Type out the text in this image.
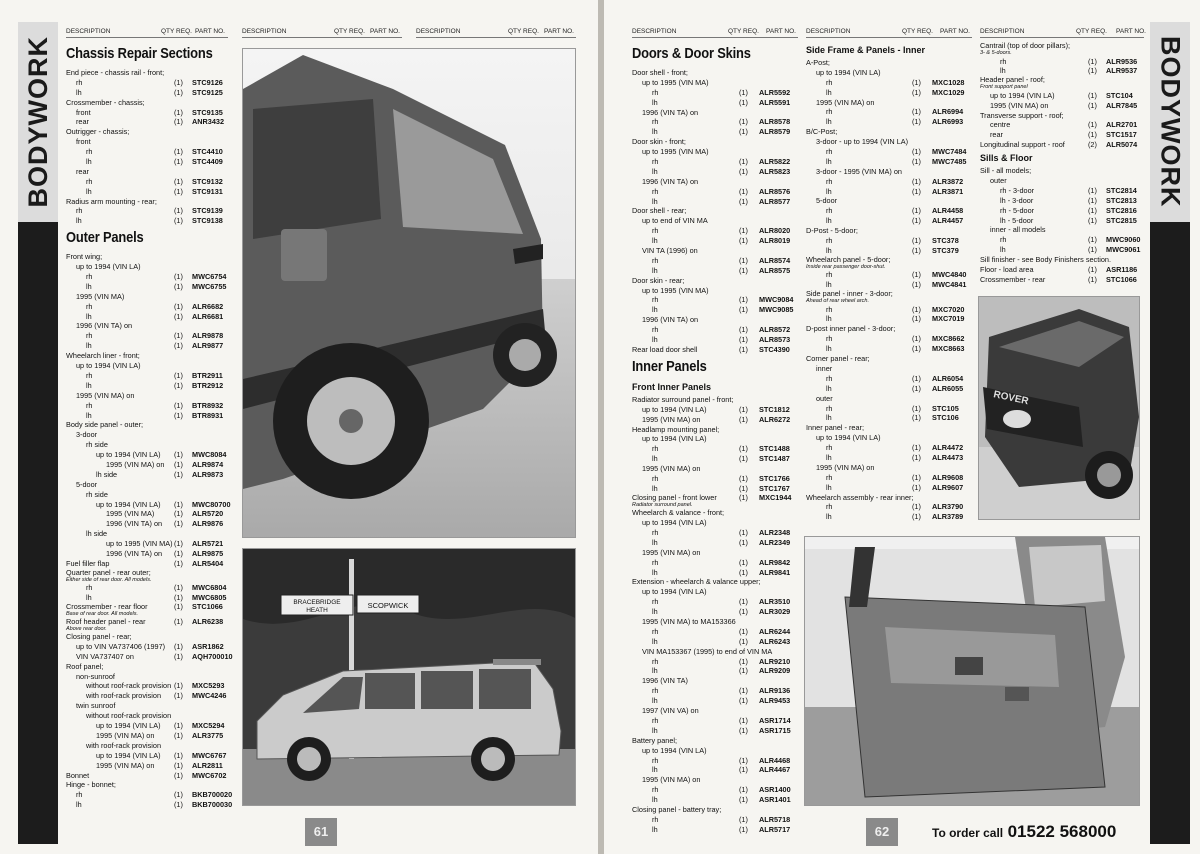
BODYWORK
DESCRIPTION	QTY REQ. PART NO.	DESCRIPTION	QTY REQ. PART NO. DESCRIPTION	QTY REQ. PART NO.
Chassis Repair Sections
End piece - chassis rail - front;
rh	(1) STC9126
lh	(1) STC9125
Crossmember - chassis;
front	(1) STC9135
rear	(1) ANR3432
Outrigger - chassis;
front
rh	(1) STC4410
lh	(1) STC4409
rear
rh	(1) STC9132
lh	(1) STC9131
Radius arm mounting - rear;
rh	(1) STC9139
lh	(1) STC9138
Outer Panels
Front wing;
up to 1994 (VIN LA)
rh	(1) MWC6754
lh	(1) MWC6755
1995 (VIN MA)
rh	(1) ALR6682
lh	(1) ALR6681
1996 (VIN TA) on
rh	(1) ALR9878
lh	(1) ALR9877
Wheelarch liner - front;
up to 1994 (VIN LA)
rh	(1) BTR2911
lh	(1) BTR2912
1995 (VIN MA) on
rh	(1) BTR8932
lh	(1) BTR8931
Body side panel - outer;
3-door
rh side
up to 1994 (VIN LA) (1) MWC8084
1995 (VIN MA) on (1) ALR9874
lh side	(1) ALR9873
5-door
rh side
up to 1994 (VIN LA) (1) MWC80700
1995 (VIN MA)	(1) ALR5720
1996 (VIN TA) on (1) ALR9876
lh side
up to 1995 (VIN MA) (1) ALR5721
1996 (VIN TA) on (1) ALR9875
Fuel filler flap	(1) ALR5404
Quarter panel - rear outer;
Either side of rear door. All models.
rh	(1) MWC6804
lh	(1) MWC6805
Crossmember - rear floor	(1) STC1066
Base of rear door. All models.
Roof header panel - rear	(1) ALR6238
Above rear door.
Closing panel - rear;
up to VIN VA737406 (1997) (1) ASR1862
VIN VA737407 on	(1) AQH700010
Roof panel;
non-sunroof
without roof-rack provision (1) MXC5293
with roof-rack provision (1) MWC4246
twin sunroof
without roof-rack provision
up to 1994 (VIN LA) (1) MXC5294
1995 (VIN MA) on	(1) ALR3775
with roof-rack provision
up to 1994 (VIN LA) (1) MWC6767
1995 (VIN MA) on	(1) ALR2811
Bonnet	(1) MWC6702
Hinge - bonnet;
rh	(1) BKB700020
lh	(1) BKB700030
BRACEBRIDGE
HEATH
SCOPWICK
61
BODYWORK
DESCRIPTION	QTY REQ. PART NO. DESCRIPTION	QTY REQ. PART NO. DESCRIPTION	QTY REQ. PART NO.
Doors & Door Skins
Door shell - front;
up to 1995 (VIN MA)
rh	(1) ALR5592
lh	(1) ALR5591
1996 (VIN TA) on
rh	(1) ALR8578
lh	(1) ALR8579
Door skin - front;
up to 1995 (VIN MA)
rh	(1) ALR5822
lh	(1) ALR5823
1996 (VIN TA) on
rh	(1) ALR8576
lh	(1) ALR8577
Door shell - rear;
up to end of VIN MA
rh	(1) ALR8020
lh	(1) ALR8019
VIN TA (1996) on
rh	(1) ALR8574
lh	(1) ALR8575
Door skin - rear;
up to 1995 (VIN MA)
rh	(1) MWC9084
lh	(1) MWC9085
1996 (VIN TA) on
rh	(1) ALR8572
lh	(1) ALR8573
Rear load door shell	(1) STC4390
Inner Panels
Front Inner Panels
Radiator surround panel - front;
up to 1994 (VIN LA)	(1) STC1812
1995 (VIN MA) on	(1) ALR6272
Headlamp mounting panel;
up to 1994 (VIN LA)
rh	(1) STC1488
lh	(1) STC1487
1995 (VIN MA) on
rh	(1) STC1766
lh	(1) STC1767
Closing panel - front lower	(1) MXC1944
Radiator surround panel.
Wheelarch & valance - front;
up to 1994 (VIN LA)
rh	(1) ALR2348
lh	(1) ALR2349
1995 (VIN MA) on
rh	(1) ALR9842
lh	(1) ALR9841
Extension - wheelarch & valance upper;
up to 1994 (VIN LA)
rh	(1) ALR3510
lh	(1) ALR3029
1995 (VIN MA) to MA153366
rh	(1) ALR6244
lh	(1) ALR6243
VIN MA153367 (1995) to end of VIN MA
rh	(1) ALR9210
lh	(1) ALR9209
1996 (VIN TA)
rh	(1) ALR9136
lh	(1) ALR9453
1997 (VIN VA) on
rh	(1) ASR1714
lh	(1) ASR1715
Battery panel;
up to 1994 (VIN LA)
rh	(1) ALR4468
lh	(1) ALR4467
1995 (VIN MA) on
rh	(1) ASR1400
lh	(1) ASR1401
Closing panel - battery tray;
rh	(1) ALR5718
lh	(1) ALR5717
Side Frame & Panels - Inner
A-Post;
up to 1994 (VIN LA)
rh	(1) MXC1028
lh	(1) MXC1029
1995 (VIN MA) on
rh	(1) ALR6994
lh	(1) ALR6993
B/C-Post;
3-door - up to 1994 (VIN LA)
rh	(1) MWC7484
lh	(1) MWC7485
3-door - 1995 (VIN MA) on
rh	(1) ALR3872
lh	(1) ALR3871
5-door
rh	(1) ALR4458
lh	(1) ALR4457
D-Post - 5-door;
rh	(1) STC378
lh	(1) STC379
Wheelarch panel - 5-door;
Inside rear passenger door-shut.
rh	(1) MWC4840
lh	(1) MWC4841
Side panel - inner - 3-door;
Ahead of rear wheel arch.
rh	(1) MXC7020
lh	(1) MXC7019
D-post inner panel - 3-door;
rh	(1) MXC8662
lh	(1) MXC8663
Corner panel - rear;
inner
rh	(1) ALR6054
lh	(1) ALR6055
outer
rh	(1) STC105
lh	(1) STC106
Inner panel - rear;
up to 1994 (VIN LA)
rh	(1) ALR4472
lh	(1) ALR4473
1995 (VIN MA) on
rh	(1) ALR9608
lh	(1) ALR9607
Wheelarch assembly - rear inner;
rh	(1) ALR3790
lh	(1) ALR3789
Cantrail (top of door pillars);
3- & 5-doors.
rh	(1) ALR9536
lh	(1) ALR9537
Header panel - roof;
Front support panel
up to 1994 (VIN LA)	(1) STC104
1995 (VIN MA) on	(1) ALR7845
Transverse support - roof;
centre	(1) ALR2701
rear	(1) STC1517
Longitudinal support - roof	(2) ALR5074
Sills & Floor
Sill - all models;
outer
rh - 3-door	(1) STC2814
lh - 3-door	(1) STC2813
rh - 5-door	(1) STC2816
lh - 5-door	(1) STC2815
inner - all models
rh	(1) MWC9060
lh	(1) MWC9061
Sill finisher - see Body Finishers section.
Floor - load area	(1) ASR1186
Crossmember - rear	(1) STC1066
ROVER
62	To order call 01522 568000
